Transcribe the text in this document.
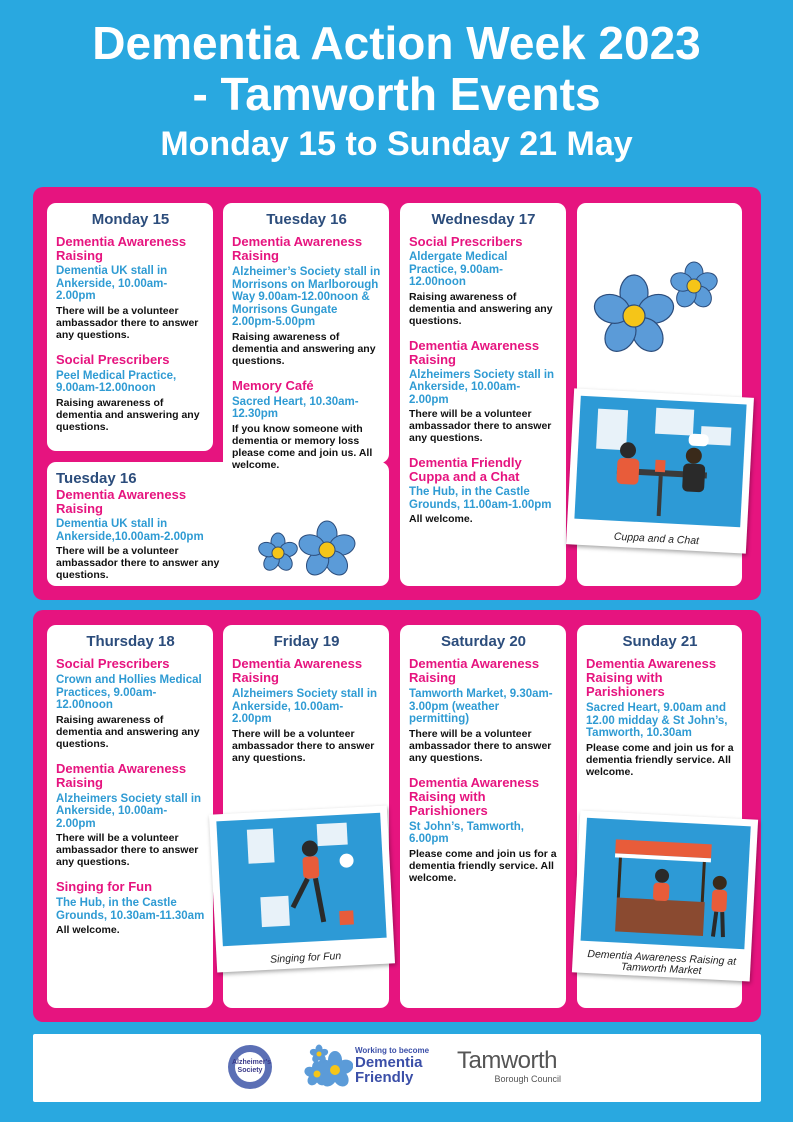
Dementia Action Week 2023
- Tamworth Events
Monday 15 to Sunday 21 May
Monday 15
Dementia Awareness Raising
Dementia UK stall in Ankerside, 10.00am-2.00pm
There will be a volunteer ambassador there to answer any questions.
Social Prescribers
Peel Medical Practice, 9.00am-12.00noon
Raising awareness of dementia and answering any questions.
Tuesday 16
Dementia Awareness Raising
Dementia UK stall in Ankerside,10.00am-2.00pm
There will be a volunteer ambassador there to answer any questions.
Tuesday 16
Dementia Awareness Raising
Alzheimer’s Society stall in Morrisons on Marlborough Way 9.00am-12.00noon & Morrisons Gungate 2.00pm-5.00pm
Raising awareness of dementia and answering any questions.
Memory Café
Sacred Heart, 10.30am-12.30pm
If you know someone with dementia or memory loss please come and join us. All welcome.
Wednesday 17
Social Prescribers
Aldergate Medical Practice, 9.00am-12.00noon
Raising awareness of dementia and answering any questions.
Dementia Awareness Raising
Alzheimers Society stall in Ankerside, 10.00am-2.00pm
There will be a volunteer ambassador there to answer any questions.
Dementia Friendly Cuppa and a Chat
The Hub, in the Castle Grounds, 11.00am-1.00pm
All welcome.
Cuppa and a Chat
Thursday 18
Social Prescribers
Crown and Hollies Medical Practices, 9.00am-12.00noon
Raising awareness of dementia and answering any questions.
Dementia Awareness Raising
Alzheimers Society stall in Ankerside, 10.00am-2.00pm
There will be a volunteer ambassador there to answer any questions.
Singing for Fun
The Hub, in the Castle Grounds, 10.30am-11.30am
All welcome.
Friday 19
Dementia Awareness Raising
Alzheimers Society stall in Ankerside, 10.00am-2.00pm
There will be a volunteer ambassador there to answer any questions.
Singing for Fun
Saturday 20
Dementia Awareness Raising
Tamworth Market, 9.30am-3.00pm (weather permitting)
There will be a volunteer ambassador there to answer any questions.
Dementia Awareness Raising with Parishioners
St John’s, Tamworth, 6.00pm
Please come and join us for a dementia friendly service. All welcome.
Sunday 21
Dementia Awareness Raising with Parishioners
Sacred Heart, 9.00am and 12.00 midday & St John’s, Tamworth, 10.30am
Please come and join us for a dementia friendly service. All welcome.
Dementia Awareness Raising at Tamworth Market
Alzheimer's Society
Working to become
Dementia
Friendly
Tamworth
Borough Council
